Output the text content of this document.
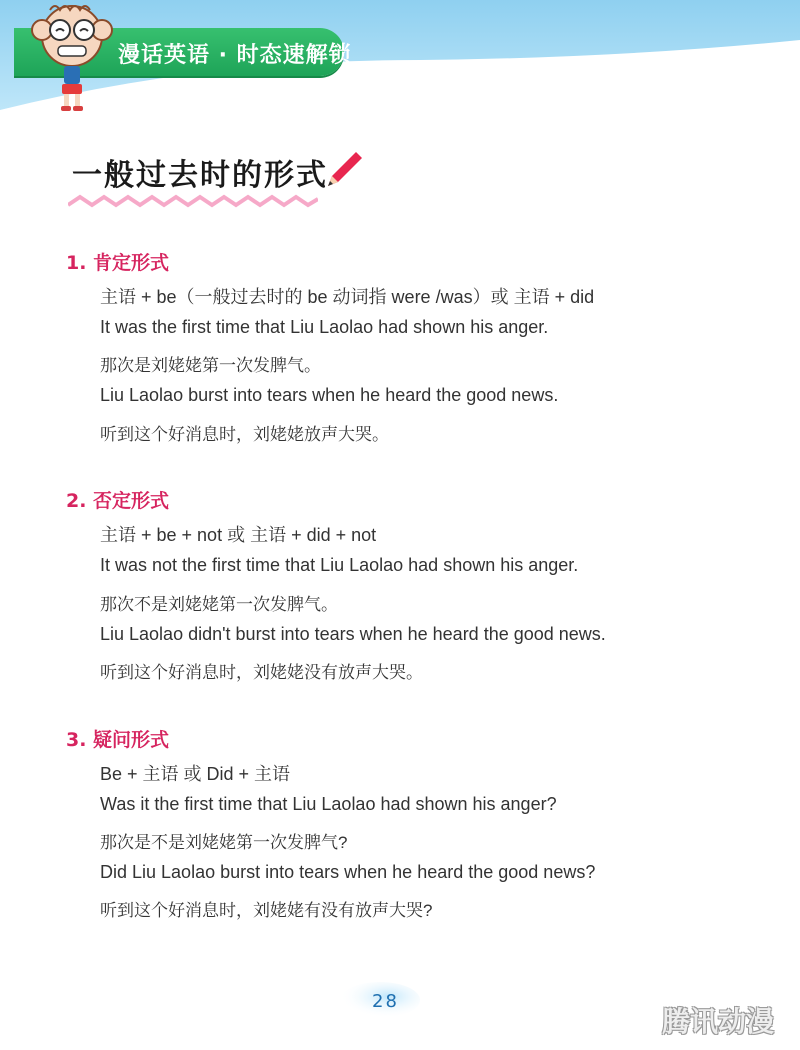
漫话英语 · 时态速解锁
一般过去时的形式
1. 肯定形式
主语 + be（一般过去时的 be 动词指 were /was）或 主语 + did
It was the first time that Liu Laolao had shown his anger.
那次是刘姥姥第一次发脾气。
Liu Laolao burst into tears when he heard the good news.
听到这个好消息时，刘姥姥放声大哭。
2. 否定形式
主语 + be + not 或 主语 + did + not
It was not the first time that Liu Laolao had shown his anger.
那次不是刘姥姥第一次发脾气。
Liu Laolao didn't burst into tears when he heard the good news.
听到这个好消息时，刘姥姥没有放声大哭。
3. 疑问形式
Be + 主语 或 Did + 主语
Was it the first time that Liu Laolao had shown his anger?
那次是不是刘姥姥第一次发脾气?
Did Liu Laolao burst into tears when he heard the good news?
听到这个好消息时，刘姥姥有没有放声大哭?
28
腾讯动漫
